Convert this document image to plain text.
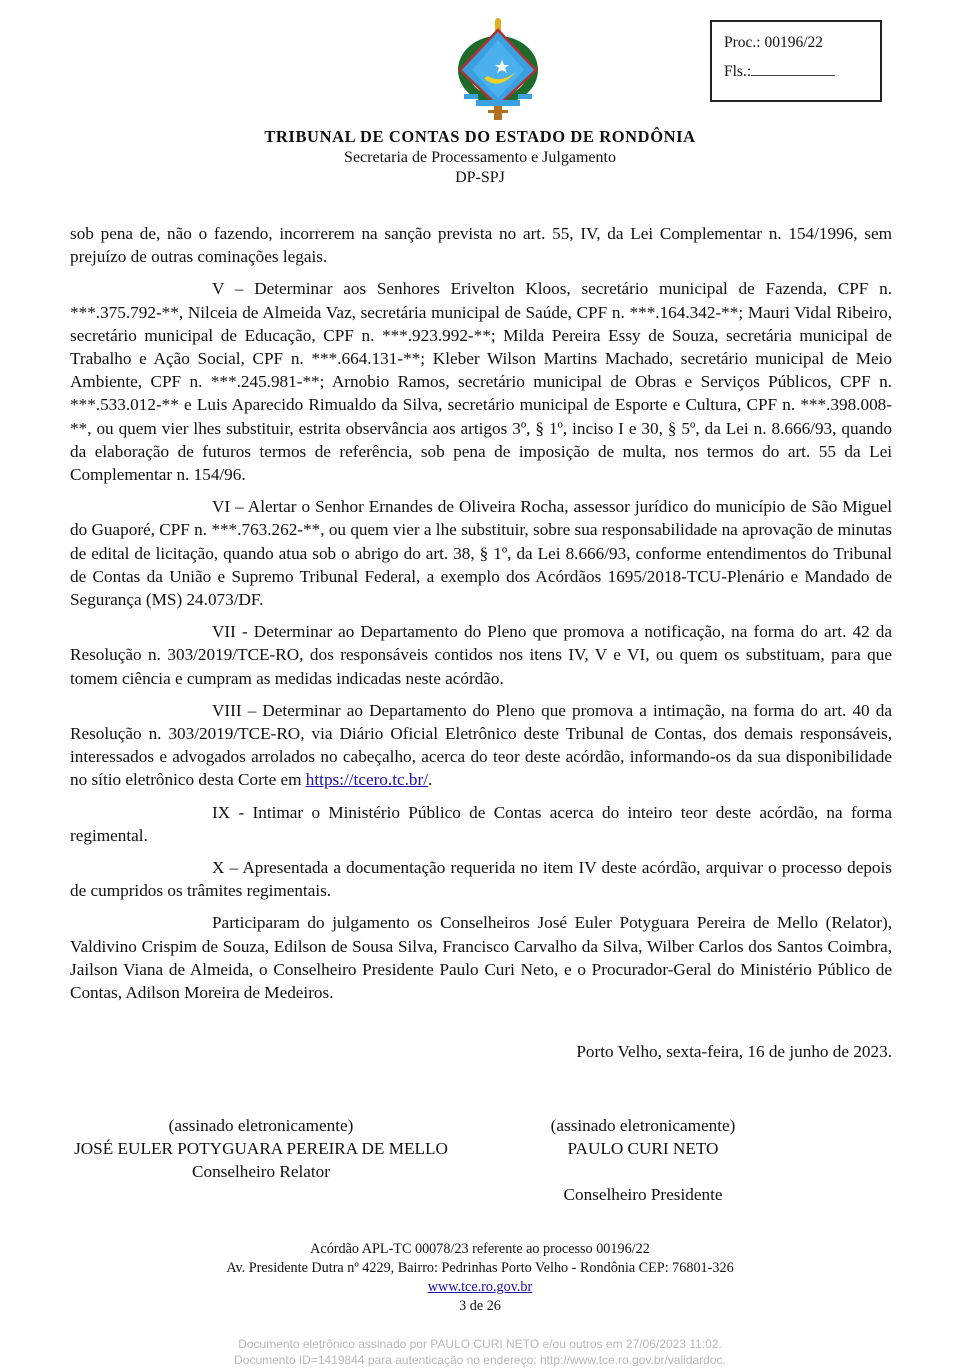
Proc.: 00196/22
Fls.:
TRIBUNAL DE CONTAS DO ESTADO DE RONDÔNIA
Secretaria de Processamento e Julgamento
DP-SPJ

sob pena de, não o fazendo, incorrerem na sanção prevista no art. 55, IV, da Lei Complementar n. 154/1996, sem prejuízo de outras cominações legais.

V – Determinar aos Senhores Erivelton Kloos, secretário municipal de Fazenda, CPF n. ***.375.792-**, Nilceia de Almeida Vaz, secretária municipal de Saúde, CPF n. ***.164.342-**; Mauri Vidal Ribeiro, secretário municipal de Educação, CPF n. ***.923.992-**; Milda Pereira Essy de Souza, secretária municipal de Trabalho e Ação Social, CPF n. ***.664.131-**; Kleber Wilson Martins Machado, secretário municipal de Meio Ambiente, CPF n. ***.245.981-**; Arnobio Ramos, secretário municipal de Obras e Serviços Públicos, CPF n. ***.533.012-** e Luis Aparecido Rimualdo da Silva, secretário municipal de Esporte e Cultura, CPF n. ***.398.008-**, ou quem vier lhes substituir, estrita observância aos artigos 3º, § 1º, inciso I e 30, § 5º, da Lei n. 8.666/93, quando da elaboração de futuros termos de referência, sob pena de imposição de multa, nos termos do art. 55 da Lei Complementar n. 154/96.

VI – Alertar o Senhor Ernandes de Oliveira Rocha, assessor jurídico do município de São Miguel do Guaporé, CPF n. ***.763.262-**, ou quem vier a lhe substituir, sobre sua responsabilidade na aprovação de minutas de edital de licitação, quando atua sob o abrigo do art. 38, § 1º, da Lei 8.666/93, conforme entendimentos do Tribunal de Contas da União e Supremo Tribunal Federal, a exemplo dos Acórdãos 1695/2018-TCU-Plenário e Mandado de Segurança (MS) 24.073/DF.

VII - Determinar ao Departamento do Pleno que promova a notificação, na forma do art. 42 da Resolução n. 303/2019/TCE-RO, dos responsáveis contidos nos itens IV, V e VI, ou quem os substituam, para que tomem ciência e cumpram as medidas indicadas neste acórdão.

VIII – Determinar ao Departamento do Pleno que promova a intimação, na forma do art. 40 da Resolução n. 303/2019/TCE-RO, via Diário Oficial Eletrônico deste Tribunal de Contas, dos demais responsáveis, interessados e advogados arrolados no cabeçalho, acerca do teor deste acórdão, informando-os da sua disponibilidade no sítio eletrônico desta Corte em https://tcero.tc.br/.

IX - Intimar o Ministério Público de Contas acerca do inteiro teor deste acórdão, na forma regimental.

X – Apresentada a documentação requerida no item IV deste acórdão, arquivar o processo depois de cumpridos os trâmites regimentais.

Participaram do julgamento os Conselheiros José Euler Potyguara Pereira de Mello (Relator), Valdivino Crispim de Souza, Edilson de Sousa Silva, Francisco Carvalho da Silva, Wilber Carlos dos Santos Coimbra, Jailson Viana de Almeida, o Conselheiro Presidente Paulo Curi Neto, e o Procurador-Geral do Ministério Público de Contas, Adilson Moreira de Medeiros.

Porto Velho, sexta-feira, 16 de junho de 2023.
(assinado eletronicamente)
JOSÉ EULER POTYGUARA PEREIRA DE MELLO
Conselheiro Relator
(assinado eletronicamente)
PAULO CURI NETO
Conselheiro Presidente
Acórdão APL-TC 00078/23 referente ao processo 00196/22
Av. Presidente Dutra nº 4229, Bairro: Pedrinhas Porto Velho - Rondônia CEP: 76801-326
www.tce.ro.gov.br
3 de 26
Documento eletrônico assinado por PAULO CURI NETO e/ou outros em 27/06/2023 11:02.
Documento ID=1419844 para autenticação no endereço: http://www.tce.ro.gov.br/validardoc.
